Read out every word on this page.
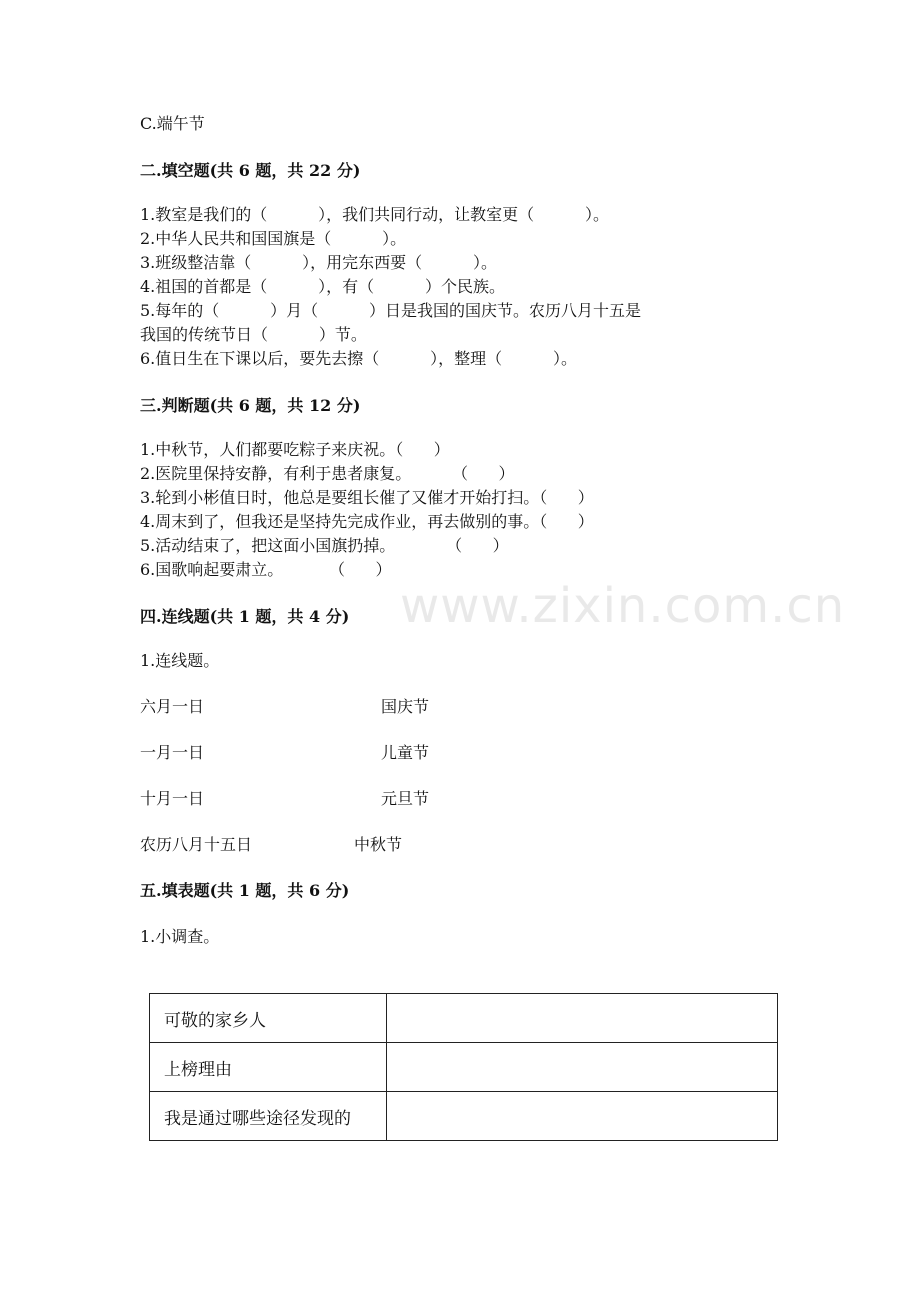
www.zixin.com.cn
C.端午节
二.填空题(共 6 题，共 22 分)
1.教室是我们的（          ），我们共同行动，让教室更（          ）。
2.中华人民共和国国旗是（          ）。
3.班级整洁靠（          ），用完东西要（          ）。
4.祖国的首都是（          ），有（          ）个民族。
5.每年的（          ）月（          ）日是我国的国庆节。农历八月十五是
我国的传统节日（          ）节。
6.值日生在下课以后，要先去擦（          ），整理（          ）。
三.判断题(共 6 题，共 12 分)
1.中秋节，人们都要吃粽子来庆祝。（      ）
2.医院里保持安静，有利于患者康复。        （      ）
3.轮到小彬值日时，他总是要组长催了又催才开始打扫。（      ）
4.周末到了，但我还是坚持先完成作业，再去做别的事。（      ）
5.活动结束了，把这面小国旗扔掉。          （      ）
6.国歌响起要肃立。         （      ）
四.连线题(共 1 题，共 4 分)
1.连线题。
六月一日	国庆节
一月一日	儿童节
十月一日	元旦节
农历八月十五日	中秋节
五.填表题(共 1 题，共 6 分)
1.小调查。
可敬的家乡人	
上榜理由	
我是通过哪些途径发现的	
